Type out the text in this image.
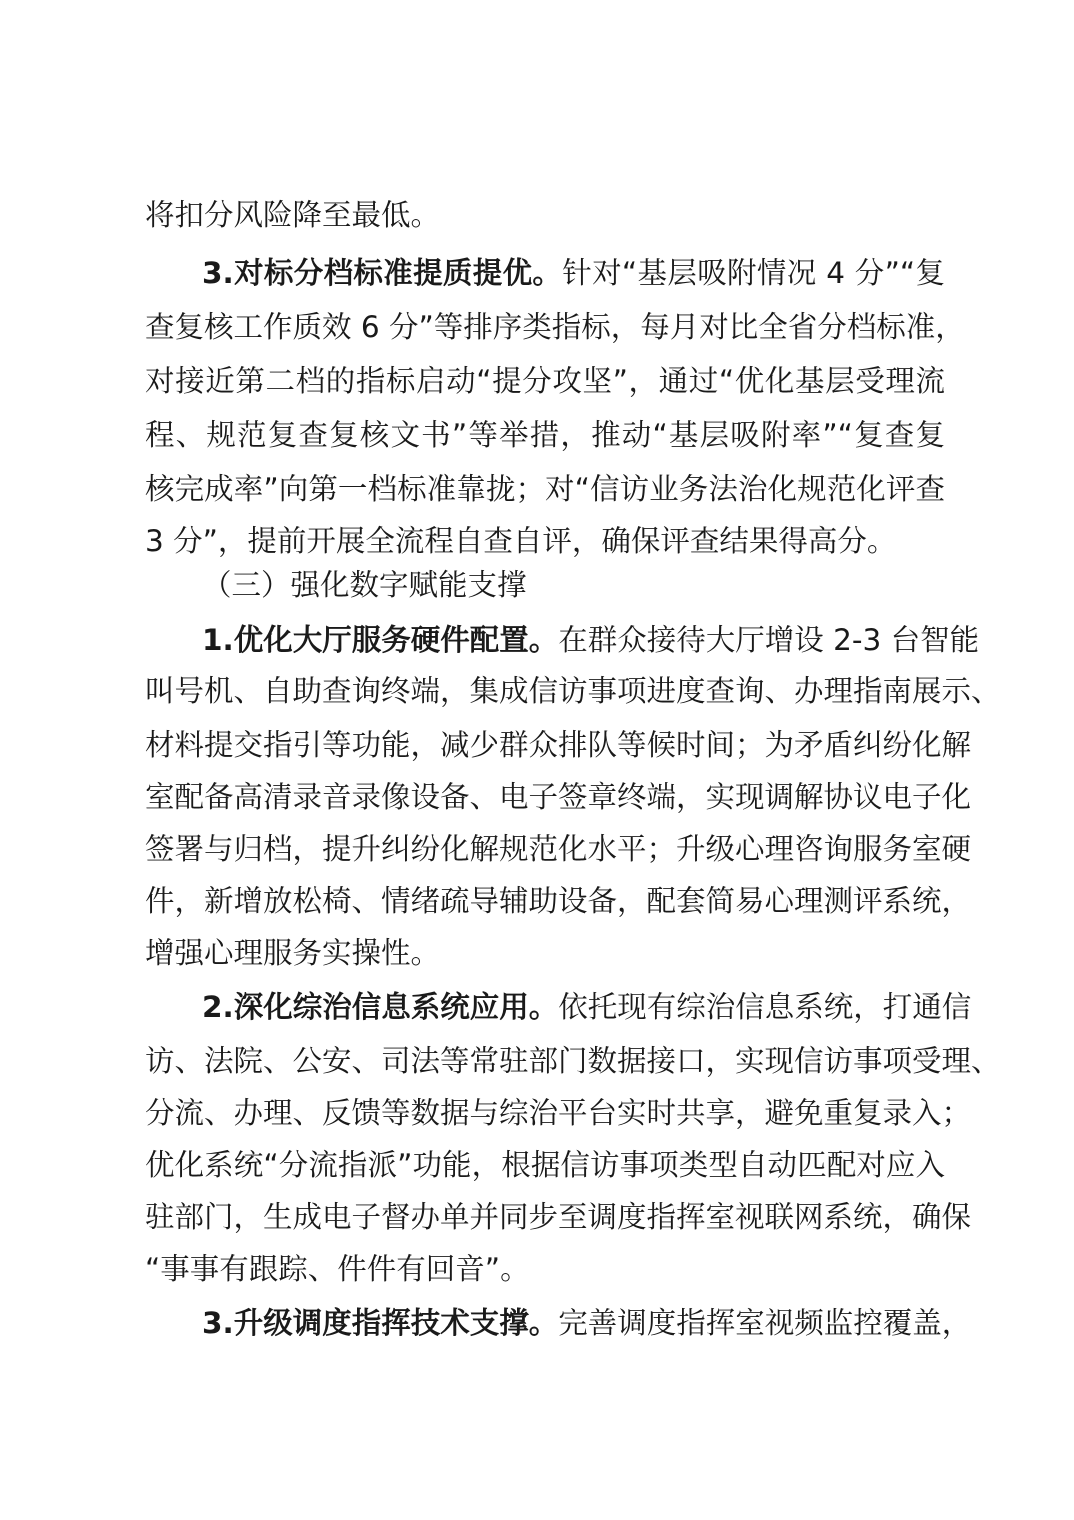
将扣分风险降至最低。
3.对标分档标准提质提优。针对“基层吸附情况 4 分”“复
查复核工作质效 6 分”等排序类指标，每月对比全省分档标准，
对接近第二档的指标启动“提分攻坚”，通过“优化基层受理流
程、规范复查复核文书”等举措，推动“基层吸附率”“复查复
核完成率”向第一档标准靠拢；对“信访业务法治化规范化评查
3 分”，提前开展全流程自查自评，确保评查结果得高分。
（三）强化数字赋能支撑
1.优化大厅服务硬件配置。在群众接待大厅增设 2-3 台智能
叫号机、自助查询终端，集成信访事项进度查询、办理指南展示、
材料提交指引等功能，减少群众排队等候时间；为矛盾纠纷化解
室配备高清录音录像设备、电子签章终端，实现调解协议电子化
签署与归档，提升纠纷化解规范化水平；升级心理咨询服务室硬
件，新增放松椅、情绪疏导辅助设备，配套简易心理测评系统，
增强心理服务实操性。
2.深化综治信息系统应用。依托现有综治信息系统，打通信
访、法院、公安、司法等常驻部门数据接口，实现信访事项受理、
分流、办理、反馈等数据与综治平台实时共享，避免重复录入；
优化系统“分流指派”功能，根据信访事项类型自动匹配对应入
驻部门，生成电子督办单并同步至调度指挥室视联网系统，确保
“事事有跟踪、件件有回音”。
3.升级调度指挥技术支撑。完善调度指挥室视频监控覆盖，
